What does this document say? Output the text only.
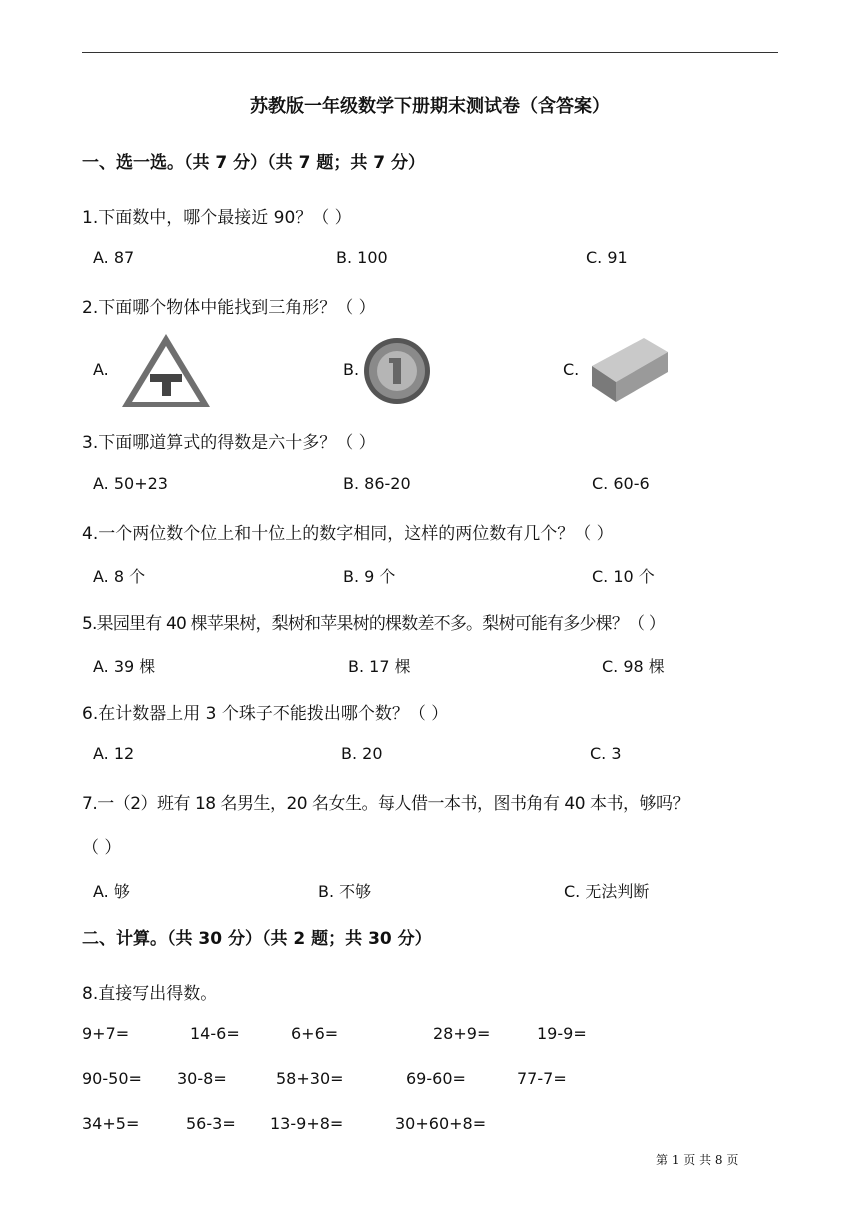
苏教版一年级数学下册期末测试卷（含答案）
一、选一选。（共 7 分）（共 7 题；共 7 分）
1.下面数中，哪个最接近 90？（ ）
A. 87	B. 100	C. 91
2.下面哪个物体中能找到三角形？（ ）
A.	B.	C.
3.下面哪道算式的得数是六十多？（ ）
A. 50+23	B. 86-20	C. 60-6
4.一个两位数个位上和十位上的数字相同，这样的两位数有几个？（ ）
A. 8 个	B. 9 个	C. 10 个
5.果园里有 40 棵苹果树，梨树和苹果树的棵数差不多。梨树可能有多少棵？（ ）
A. 39 棵	B. 17 棵	C. 98 棵
6.在计数器上用 3 个珠子不能拨出哪个数？（ ）
A. 12	B. 20	C. 3
7.一（2）班有 18 名男生，20 名女生。每人借一本书，图书角有 40 本书，够吗？
（ ）
A. 够	B. 不够	C. 无法判断
二、计算。（共 30 分）（共 2 题；共 30 分）
8.直接写出得数。
9+7=	14-6=	6+6=	28+9=	19-9=
90-50= 30-8=	58+30=	69-60=	77-7=
34+5=	56-3= 13-9+8=	30+60+8=
第 1 页 共 8 页
